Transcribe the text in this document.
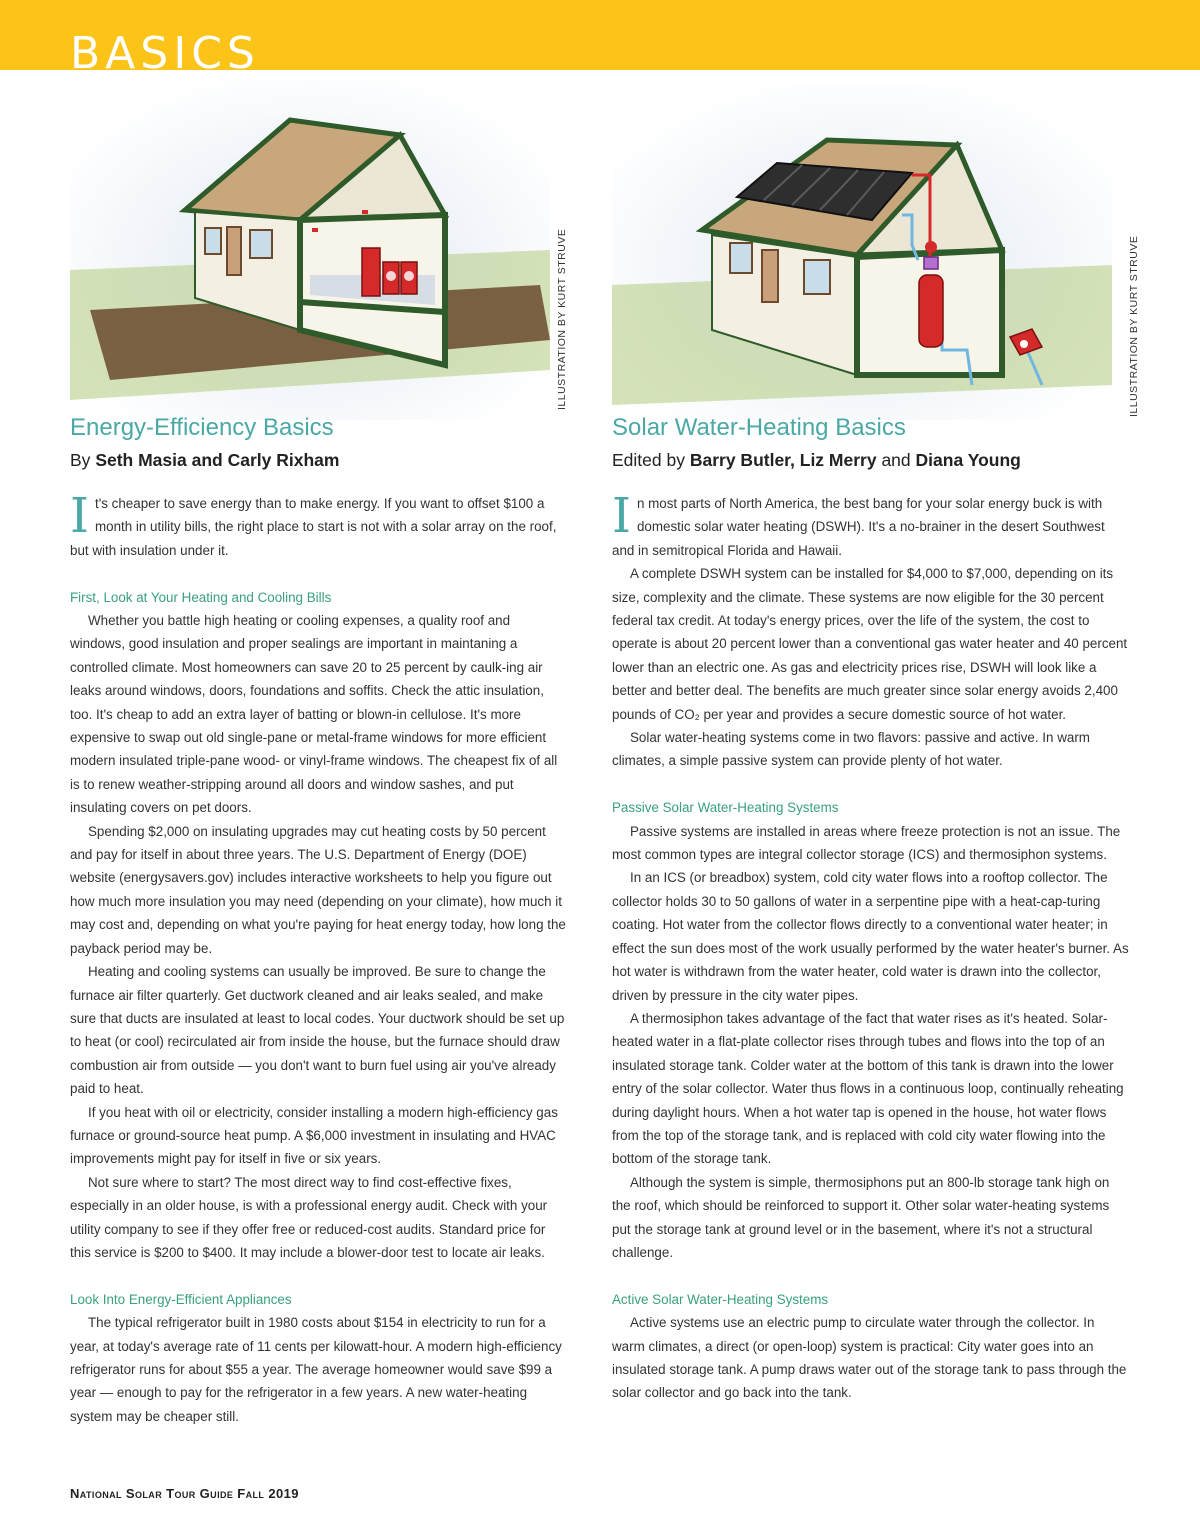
BASICS
ILLUSTRATION BY KURT STRUVE	ILLUSTRATION BY KURT STRUVE
Energy-Efficiency Basics
By Seth Masia and Carly Rixham

It's cheaper to save energy than to make energy. If you want to offset $100 a month in utility bills, the right place to start is not with a solar array on the roof, but with insulation under it.

First, Look at Your Heating and Cooling Bills

Whether you battle high heating or cooling expenses, a quality roof and windows, good insulation and proper sealings are important in maintaning a controlled climate. Most homeowners can save 20 to 25 percent by caulk-ing air leaks around windows, doors, foundations and soffits. Check the attic insulation, too. It's cheap to add an extra layer of batting or blown-in cellulose. It's more expensive to swap out old single-pane or metal-frame windows for more efficient modern insulated triple-pane wood- or vinyl-frame windows. The cheapest fix of all is to renew weather-stripping around all doors and window sashes, and put insulating covers on pet doors.

Spending $2,000 on insulating upgrades may cut heating costs by 50 percent and pay for itself in about three years. The U.S. Department of Energy (DOE) website (energysavers.gov) includes interactive worksheets to help you figure out how much more insulation you may need (depending on your climate), how much it may cost and, depending on what you're paying for heat energy today, how long the payback period may be.

Heating and cooling systems can usually be improved. Be sure to change the furnace air filter quarterly. Get ductwork cleaned and air leaks sealed, and make sure that ducts are insulated at least to local codes. Your ductwork should be set up to heat (or cool) recirculated air from inside the house, but the furnace should draw combustion air from outside — you don't want to burn fuel using air you've already paid to heat.

If you heat with oil or electricity, consider installing a modern high-efficiency gas furnace or ground-source heat pump. A $6,000 investment in insulating and HVAC improvements might pay for itself in five or six years.

Not sure where to start? The most direct way to find cost-effective fixes, especially in an older house, is with a professional energy audit. Check with your utility company to see if they offer free or reduced-cost audits. Standard price for this service is $200 to $400. It may include a blower-door test to locate air leaks.

Look Into Energy-Efficient Appliances

The typical refrigerator built in 1980 costs about $154 in electricity to run for a year, at today's average rate of 11 cents per kilowatt-hour. A modern high-efficiency refrigerator runs for about $55 a year. The average homeowner would save $99 a year — enough to pay for the refrigerator in a few years. A new water-heating system may be cheaper still.

Solar Water-Heating Basics
Edited by Barry Butler, Liz Merry and Diana Young

In most parts of North America, the best bang for your solar energy buck is with domestic solar water heating (DSWH). It's a no-brainer in the desert Southwest and in semitropical Florida and Hawaii.

A complete DSWH system can be installed for $4,000 to $7,000, depending on its size, complexity and the climate. These systems are now eligible for the 30 percent federal tax credit. At today's energy prices, over the life of the system, the cost to operate is about 20 percent lower than a conventional gas water heater and 40 percent lower than an electric one. As gas and electricity prices rise, DSWH will look like a better and better deal. The benefits are much greater since solar energy avoids 2,400 pounds of CO₂ per year and provides a secure domestic source of hot water.

Solar water-heating systems come in two flavors: passive and active. In warm climates, a simple passive system can provide plenty of hot water.

Passive Solar Water-Heating Systems

Passive systems are installed in areas where freeze protection is not an issue. The most common types are integral collector storage (ICS) and thermosiphon systems.

In an ICS (or breadbox) system, cold city water flows into a rooftop collector. The collector holds 30 to 50 gallons of water in a serpentine pipe with a heat-cap-turing coating. Hot water from the collector flows directly to a conventional water heater; in effect the sun does most of the work usually performed by the water heater's burner. As hot water is withdrawn from the water heater, cold water is drawn into the collector, driven by pressure in the city water pipes.

A thermosiphon takes advantage of the fact that water rises as it's heated. Solar-heated water in a flat-plate collector rises through tubes and flows into the top of an insulated storage tank. Colder water at the bottom of this tank is drawn into the lower entry of the solar collector. Water thus flows in a continuous loop, continually reheating during daylight hours. When a hot water tap is opened in the house, hot water flows from the top of the storage tank, and is replaced with cold city water flowing into the bottom of the storage tank.

Although the system is simple, thermosiphons put an 800-lb storage tank high on the roof, which should be reinforced to support it. Other solar water-heating systems put the storage tank at ground level or in the basement, where it's not a structural challenge.

Active Solar Water-Heating Systems

Active systems use an electric pump to circulate water through the collector. In warm climates, a direct (or open-loop) system is practical: City water goes into an insulated storage tank. A pump draws water out of the storage tank to pass through the solar collector and go back into the tank.

National Solar Tour Guide Fall 2019
